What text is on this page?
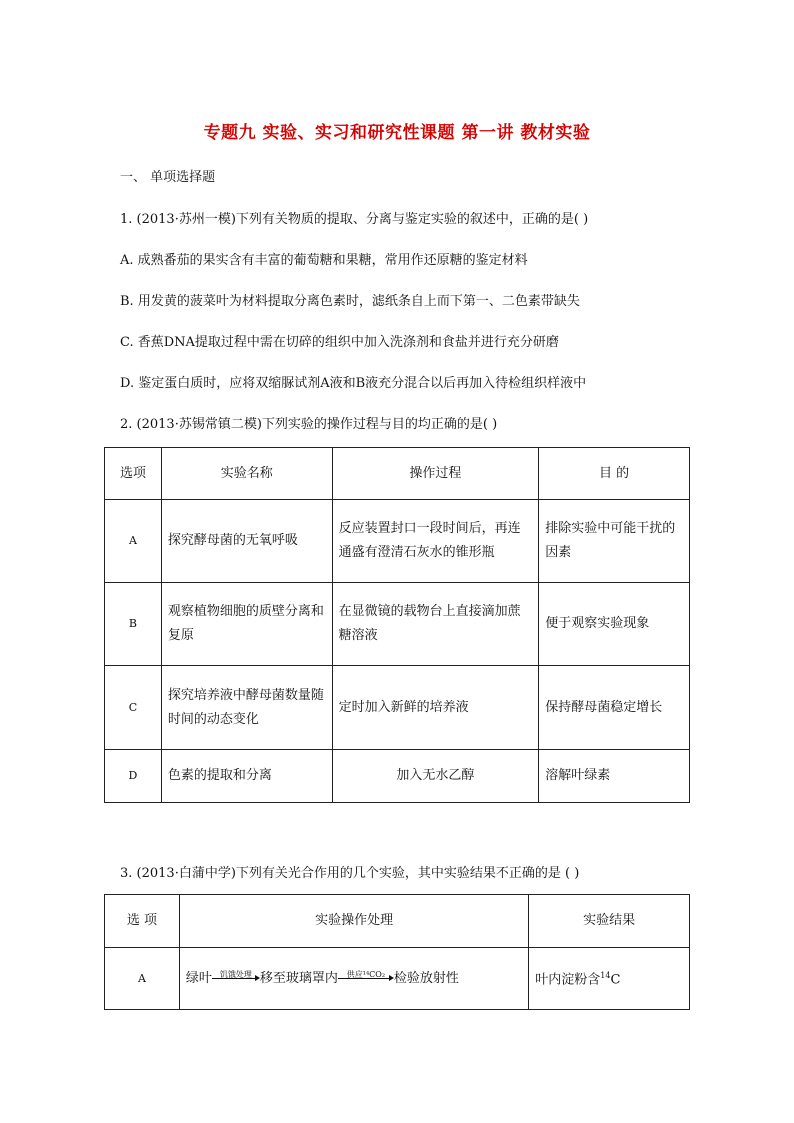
专题九 实验、实习和研究性课题 第一讲 教材实验
一、 单项选择题
1. (2013·苏州一模)下列有关物质的提取、分离与鉴定实验的叙述中，正确的是( )
A. 成熟番茄的果实含有丰富的葡萄糖和果糖，常用作还原糖的鉴定材料
B. 用发黄的菠菜叶为材料提取分离色素时，滤纸条自上而下第一、二色素带缺失
C. 香蕉DNA提取过程中需在切碎的组织中加入洗涤剂和食盐并进行充分研磨
D. 鉴定蛋白质时，应将双缩脲试剂A液和B液充分混合以后再加入待检组织样液中
2. (2013·苏锡常镇二模)下列实验的操作过程与目的均正确的是( )
选项	实验名称	操作过程	目 的
A	探究酵母菌的无氧呼吸	反应装置封口一段时间后，再连通盛有澄清石灰水的锥形瓶	排除实验中可能干扰的因素
B	观察植物细胞的质壁分离和复原	在显微镜的载物台上直接滴加蔗糖溶液	便于观察实验现象
C	探究培养液中酵母菌数量随时间的动态变化	定时加入新鲜的培养液	保持酵母菌稳定增长
D	色素的提取和分离	加入无水乙醇	溶解叶绿素
3. (2013·白蒲中学)下列有关光合作用的几个实验，其中实验结果不正确的是 ( )
选 项	实验操作处理	实验结果
A	绿叶 饥饿处理 移至玻璃罩内 供应¹⁴CO₂ 检验放射性	叶内淀粉含$^{14}$C
